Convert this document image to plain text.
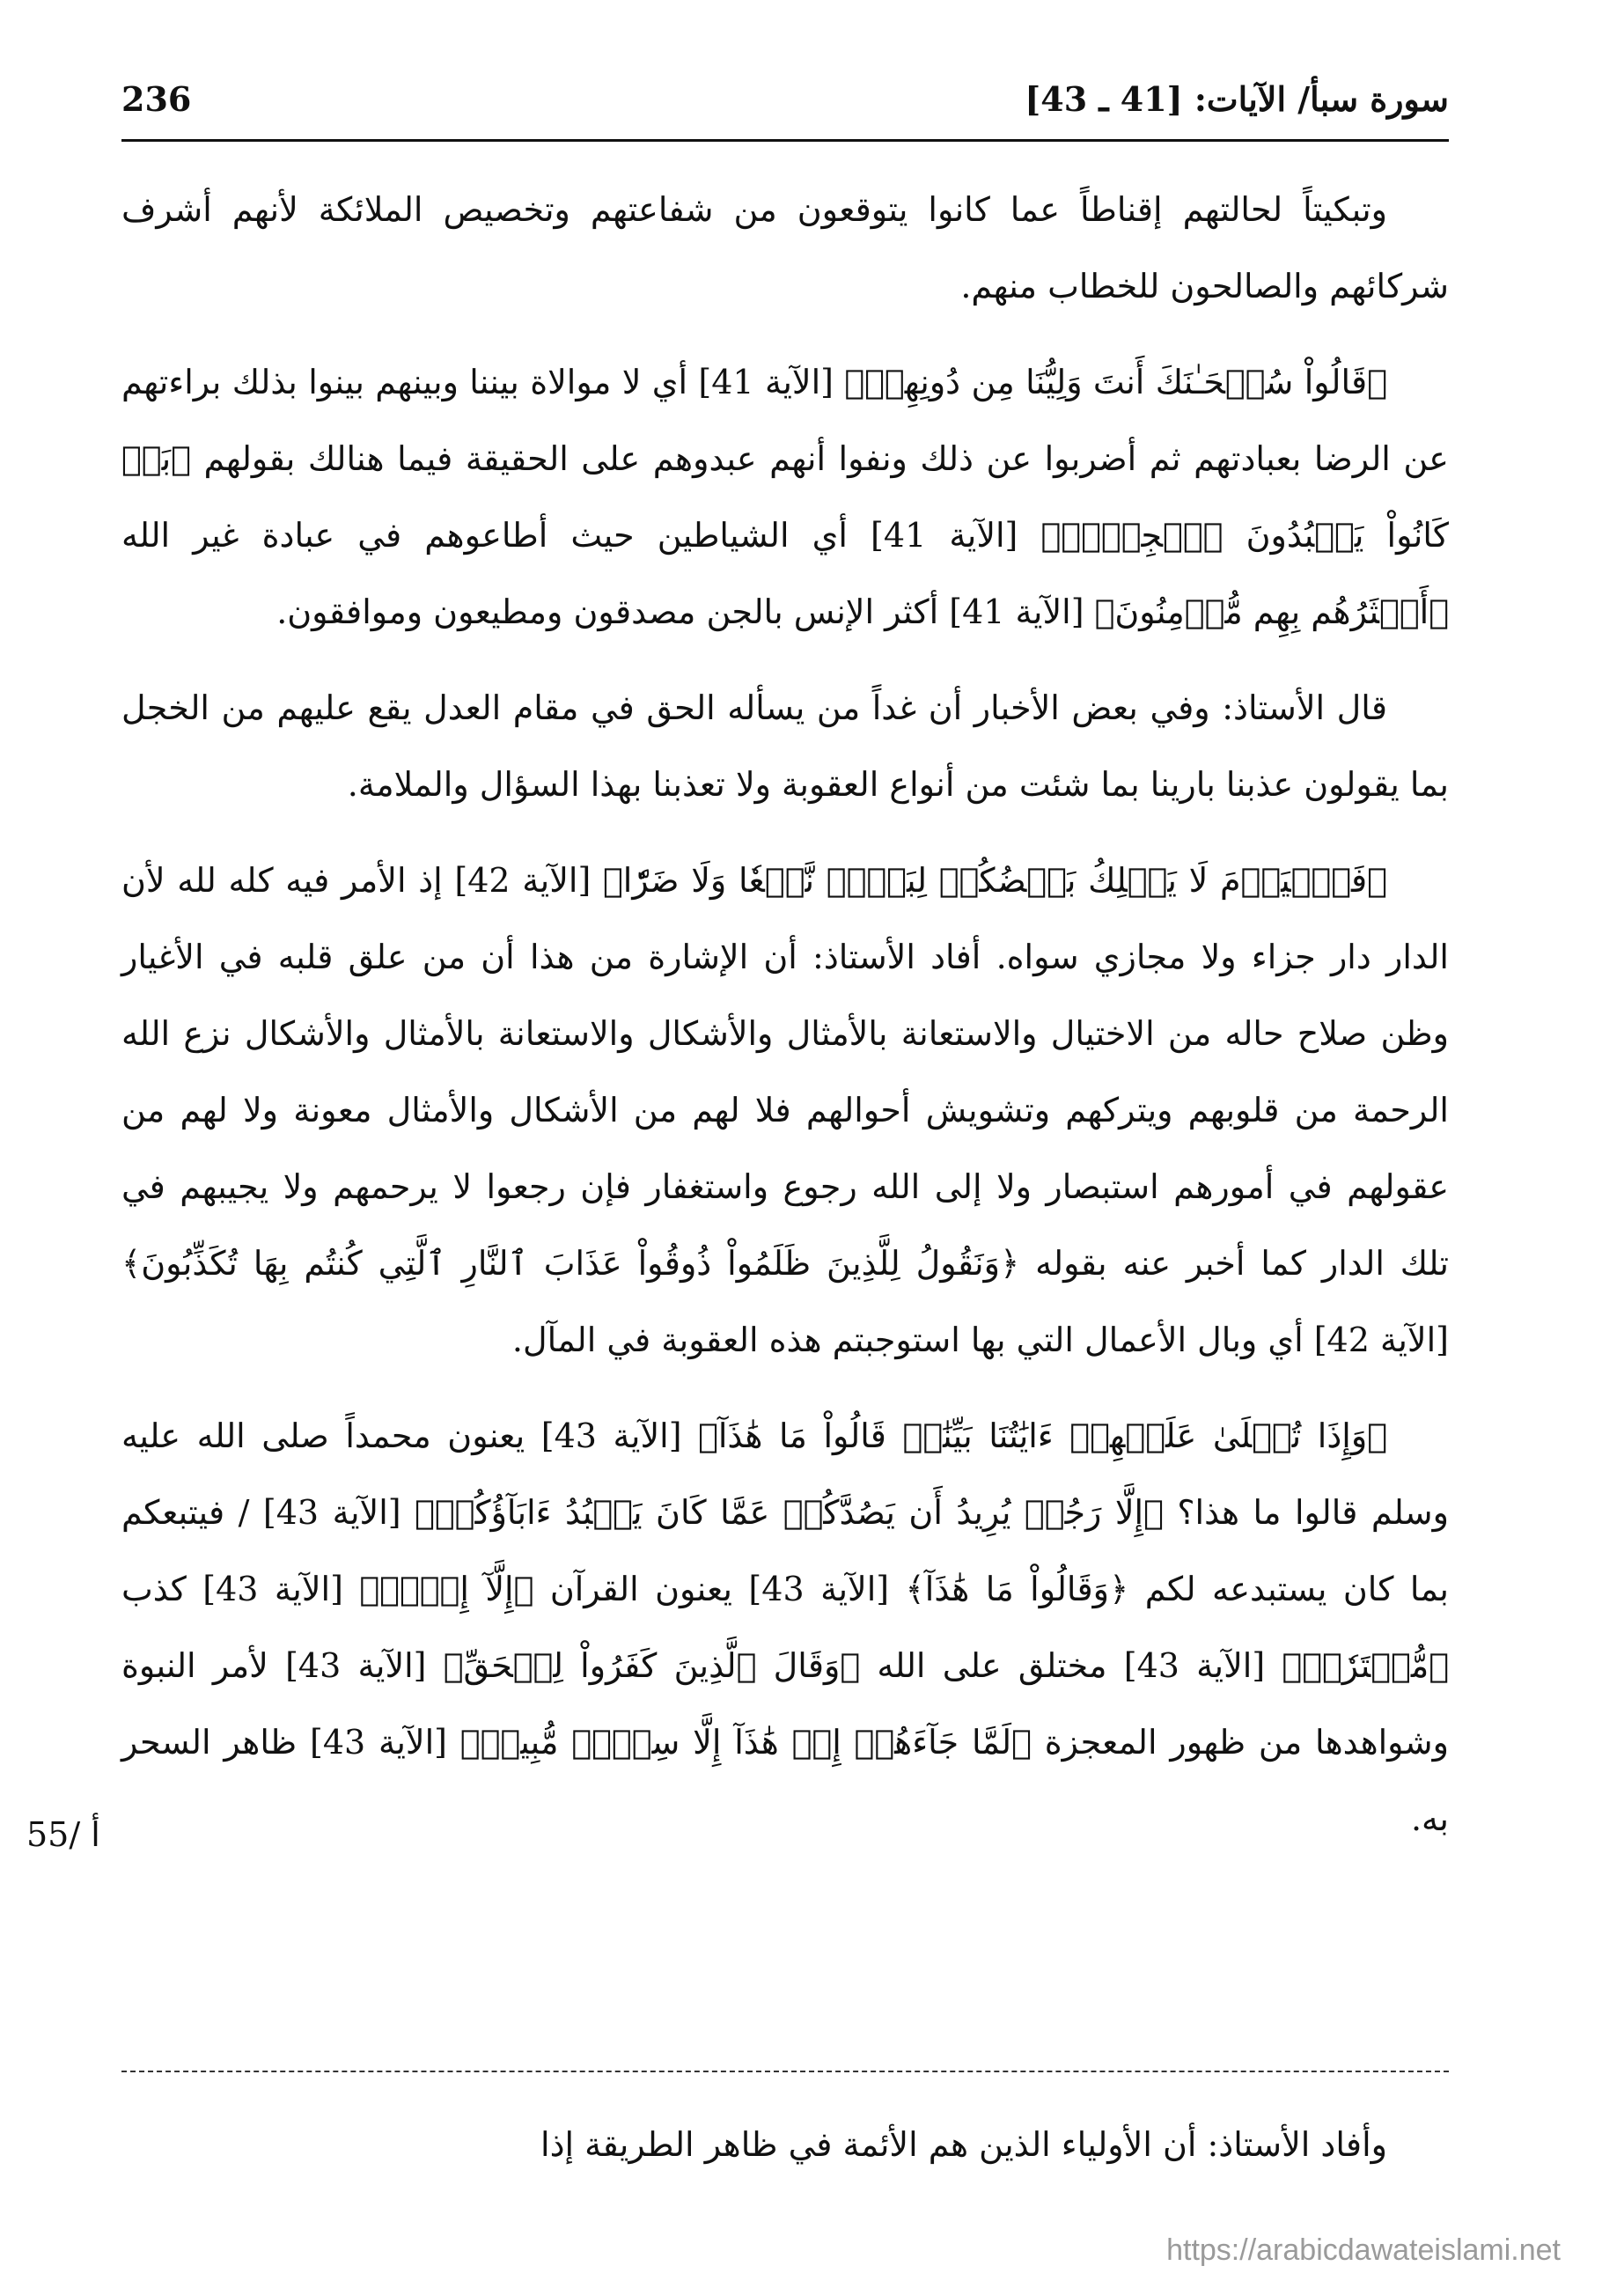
سورة سبأ/ الآيات: [41 ـ 43]
236

وتبكيتاً لحالتهم إقناطاً عما كانوا يتوقعون من شفاعتهم وتخصيص الملائكة لأنهم أشرف شركائهم والصالحون للخطاب منهم.

﴿قَالُواْ سُبۡحَـٰنَكَ أَنتَ وَلِيُّنَا مِن دُونِهِمۖ﴾ [الآية 41] أي لا موالاة بيننا وبينهم بينوا بذلك براءتهم عن الرضا بعبادتهم ثم أضربوا عن ذلك ونفوا أنهم عبدوهم على الحقيقة فيما هنالك بقولهم ﴿بَلۡ كَانُواْ يَعۡبُدُونَ ٱلۡجِنَّۖ﴾ [الآية 41] أي الشياطين حيث أطاعوهم في عبادة غير الله ﴿أَكۡثَرُهُم بِهِم مُّؤۡمِنُونَ﴾ [الآية 41] أكثر الإنس بالجن مصدقون ومطيعون وموافقون.

قال الأستاذ: وفي بعض الأخبار أن غداً من يسأله الحق في مقام العدل يقع عليهم من الخجل بما يقولون عذبنا بارينا بما شئت من أنواع العقوبة ولا تعذبنا بهذا السؤال والملامة.

﴿فَٱلۡيَوۡمَ لَا يَمۡلِكُ بَعۡضُكُمۡ لِبَعۡضٖ نَّفۡعٗا وَلَا ضَرّٗا﴾ [الآية 42] إذ الأمر فيه كله لله لأن الدار دار جزاء ولا مجازي سواه. أفاد الأستاذ: أن الإشارة من هذا أن من علق قلبه في الأغيار وظن صلاح حاله من الاختيال والاستعانة بالأمثال والأشكال والاستعانة بالأمثال والأشكال نزع الله الرحمة من قلوبهم ويتركهم وتشويش أحوالهم فلا لهم من الأشكال والأمثال معونة ولا لهم من عقولهم في أمورهم استبصار ولا إلى الله رجوع واستغفار فإن رجعوا لا يرحمهم ولا يجيبهم في تلك الدار كما أخبر عنه بقوله ﴿وَنَقُولُ لِلَّذِينَ ظَلَمُواْ ذُوقُواْ عَذَابَ ٱلنَّارِ ٱلَّتِي كُنتُم بِهَا تُكَذِّبُونَ﴾ [الآية 42] أي وبال الأعمال التي بها استوجبتم هذه العقوبة في المآل.

﴿وَإِذَا تُتۡلَىٰ عَلَيۡهِمۡ ءَايَٰتُنَا بَيِّنَٰتٖ قَالُواْ مَا هَٰذَآ﴾ [الآية 43] يعنون محمداً صلى الله عليه وسلم قالوا ما هذا؟ ﴿إِلَّا رَجُلٞ يُرِيدُ أَن يَصُدَّكُمۡ عَمَّا كَانَ يَعۡبُدُ ءَابَآؤُكُمۡ﴾ [الآية 43] / فيتبعكم بما كان يستبدعه لكم ﴿وَقَالُواْ مَا هَٰذَآ﴾ [الآية 43] يعنون القرآن ﴿إِلَّآ إِفۡكٞ﴾ [الآية 43] كذب ﴿مُّفۡتَرٗىۚ﴾ [الآية 43] مختلق على الله ﴿وَقَالَ ٱلَّذِينَ كَفَرُواْ لِلۡحَقِّ﴾ [الآية 43] لأمر النبوة وشواهدها من ظهور المعجزة ﴿لَمَّا جَآءَهُمۡ إِنۡ هَٰذَآ إِلَّا سِحۡرٞ مُّبِينٞ﴾ [الآية 43] ظاهر السحر به.

55/ أ
وأفاد الأستاذ: أن الأولياء الذين هم الأئمة في ظاهر الطريقة إذا
https://arabicdawateislami.net
